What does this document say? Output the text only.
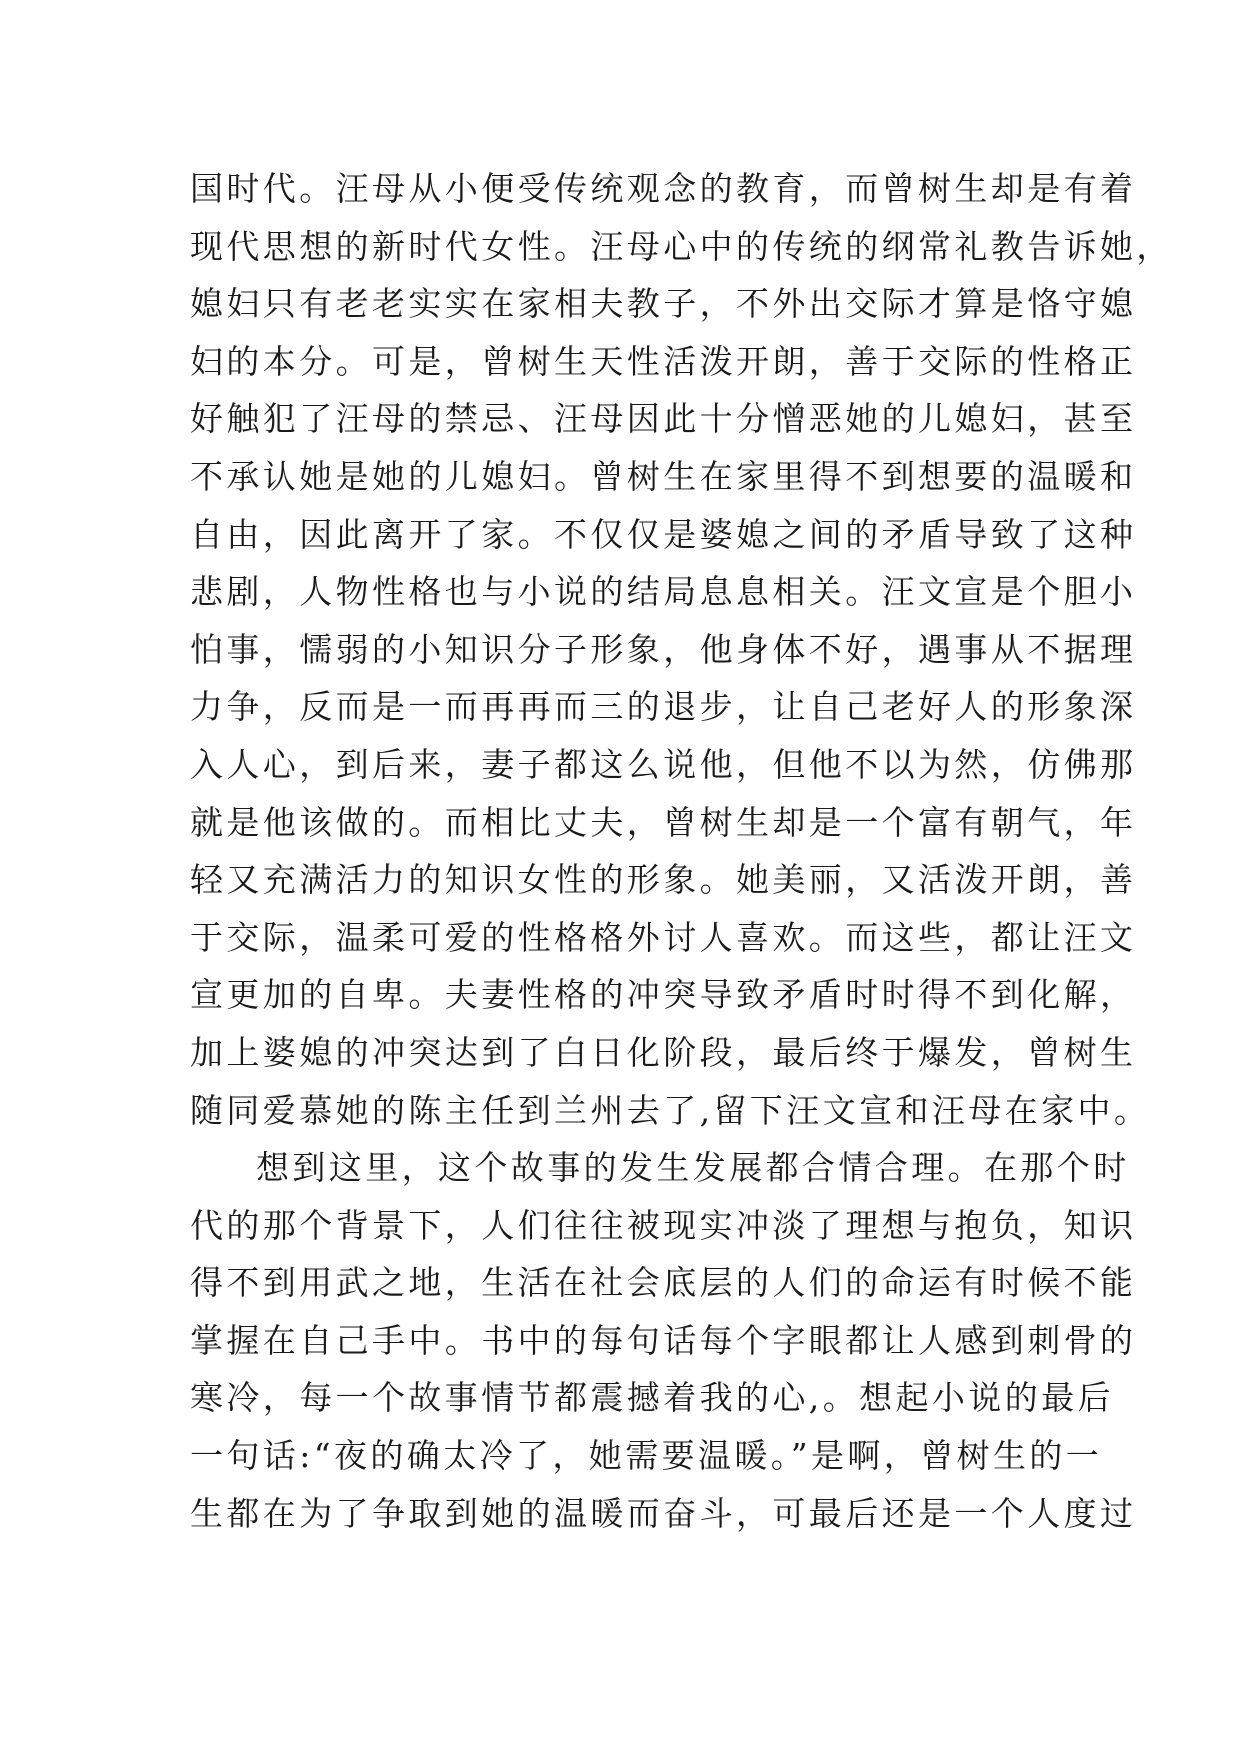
国时代。汪母从小便受传统观念的教育，而曾树生却是有着
现代思想的新时代女性。汪母心中的传统的纲常礼教告诉她，
媳妇只有老老实实在家相夫教子，不外出交际才算是恪守媳
妇的本分。可是，曾树生天性活泼开朗，善于交际的性格正
好触犯了汪母的禁忌、汪母因此十分憎恶她的儿媳妇，甚至
不承认她是她的儿媳妇。曾树生在家里得不到想要的温暖和
自由，因此离开了家。不仅仅是婆媳之间的矛盾导致了这种
悲剧，人物性格也与小说的结局息息相关。汪文宣是个胆小
怕事，懦弱的小知识分子形象，他身体不好，遇事从不据理
力争，反而是一而再再而三的退步，让自己老好人的形象深
入人心，到后来，妻子都这么说他，但他不以为然，仿佛那
就是他该做的。而相比丈夫，曾树生却是一个富有朝气，年
轻又充满活力的知识女性的形象。她美丽，又活泼开朗，善
于交际，温柔可爱的性格格外讨人喜欢。而这些，都让汪文
宣更加的自卑。夫妻性格的冲突导致矛盾时时得不到化解，
加上婆媳的冲突达到了白日化阶段，最后终于爆发，曾树生
随同爱慕她的陈主任到兰州去了,留下汪文宣和汪母在家中。
想到这里，这个故事的发生发展都合情合理。在那个时
代的那个背景下，人们往往被现实冲淡了理想与抱负，知识
得不到用武之地，生活在社会底层的人们的命运有时候不能
掌握在自己手中。书中的每句话每个字眼都让人感到刺骨的
寒冷，每一个故事情节都震撼着我的心,。想起小说的最后
一句话:“夜的确太冷了，她需要温暖。”是啊，曾树生的一
生都在为了争取到她的温暖而奋斗，可最后还是一个人度过
